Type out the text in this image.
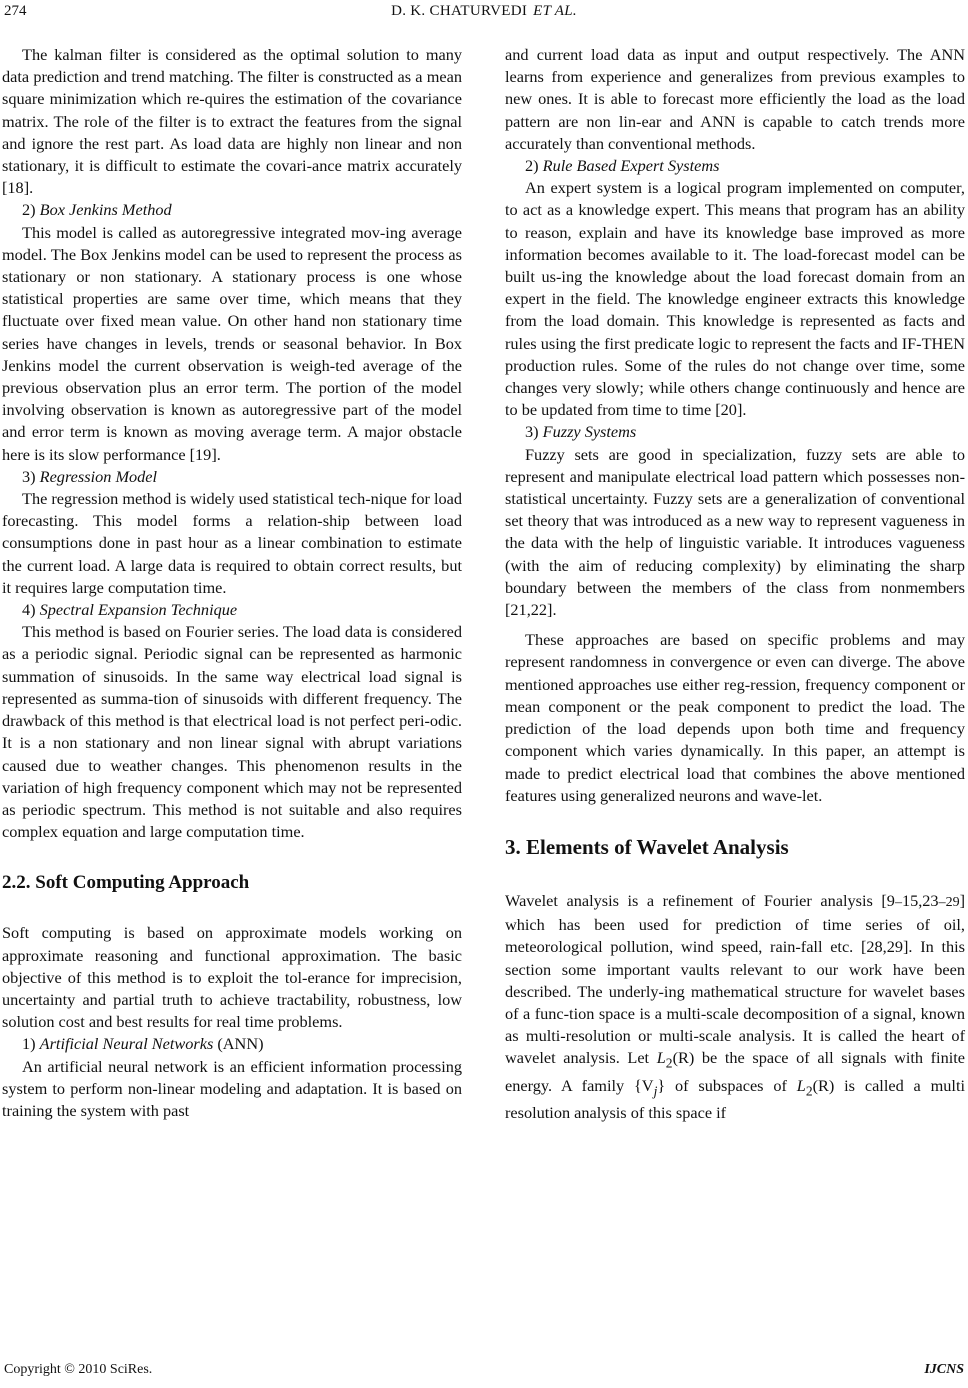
274	D. K. CHATURVEDI ET AL.

The kalman filter is considered as the optimal solution to many data prediction and trend matching. The filter is constructed as a mean square minimization which re-quires the estimation of the covariance matrix. The role of the filter is to extract the features from the signal and ignore the rest part. As load data are highly non linear and non stationary, it is difficult to estimate the covari-ance matrix accurately [18].

2) Box Jenkins Method

This model is called as autoregressive integrated mov-ing average model. The Box Jenkins model can be used to represent the process as stationary or non stationary. A stationary process is one whose statistical properties are same over time, which means that they fluctuate over fixed mean value. On other hand non stationary time series have changes in levels, trends or seasonal behavior. In Box Jenkins model the current observation is weigh-ted average of the previous observation plus an error term. The portion of the model involving observation is known as autoregressive part of the model and error term is known as moving average term. A major obstacle here is its slow performance [19].

3) Regression Model

The regression method is widely used statistical tech-nique for load forecasting. This model forms a relation-ship between load consumptions done in past hour as a linear combination to estimate the current load. A large data is required to obtain correct results, but it requires large computation time.

4) Spectral Expansion Technique

This method is based on Fourier series. The load data is considered as a periodic signal. Periodic signal can be represented as harmonic summation of sinusoids. In the same way electrical load signal is represented as summa-tion of sinusoids with different frequency. The drawback of this method is that electrical load is not perfect peri-odic. It is a non stationary and non linear signal with abrupt variations caused due to weather changes. This phenomenon results in the variation of high frequency component which may not be represented as periodic spectrum. This method is not suitable and also requires complex equation and large computation time.

2.2. Soft Computing Approach

Soft computing is based on approximate models working on approximate reasoning and functional approximation. The basic objective of this method is to exploit the tol-erance for imprecision, uncertainty and partial truth to achieve tractability, robustness, low solution cost and best results for real time problems.

1) Artificial Neural Networks (ANN)

An artificial neural network is an efficient information processing system to perform non-linear modeling and adaptation. It is based on training the system with past

and current load data as input and output respectively. The ANN learns from experience and generalizes from previous examples to new ones. It is able to forecast more efficiently the load as the load pattern are non lin-ear and ANN is capable to catch trends more accurately than conventional methods.

2) Rule Based Expert Systems

An expert system is a logical program implemented on computer, to act as a knowledge expert. This means that program has an ability to reason, explain and have its knowledge base improved as more information becomes available to it. The load-forecast model can be built us-ing the knowledge about the load forecast domain from an expert in the field. The knowledge engineer extracts this knowledge from the load domain. This knowledge is represented as facts and rules using the first predicate logic to represent the facts and IF-THEN production rules. Some of the rules do not change over time, some changes very slowly; while others change continuously and hence are to be updated from time to time [20].

3) Fuzzy Systems

Fuzzy sets are good in specialization, fuzzy sets are able to represent and manipulate electrical load pattern which possesses non-statistical uncertainty. Fuzzy sets are a generalization of conventional set theory that was introduced as a new way to represent vagueness in the data with the help of linguistic variable. It introduces vagueness (with the aim of reducing complexity) by eliminating the sharp boundary between the members of the class from nonmembers [21,22].

These approaches are based on specific problems and may represent randomness in convergence or even can diverge. The above mentioned approaches use either reg-ression, frequency component or mean component or the peak component to predict the load. The prediction of the load depends upon both time and frequency component which varies dynamically. In this paper, an attempt is made to predict electrical load that combines the above mentioned features using generalized neurons and wave-let.

3. Elements of Wavelet Analysis

Wavelet analysis is a refinement of Fourier analysis [9–15,23–29] which has been used for prediction of time series of oil, meteorological pollution, wind speed, rain-fall etc. [28,29]. In this section some important vaults relevant to our work have been described. The underly-ing mathematical structure for wavelet bases of a func-tion space is a multi-scale decomposition of a signal, known as multi-resolution or multi-scale analysis. It is called the heart of wavelet analysis. Let $L_2(R)$ be the space of all signals with finite energy. A family $\{V_j\}$ of subspaces of $L_2(R)$ is called a multi resolution analysis of this space if

Copyright © 2010 SciRes.	IJCNS
